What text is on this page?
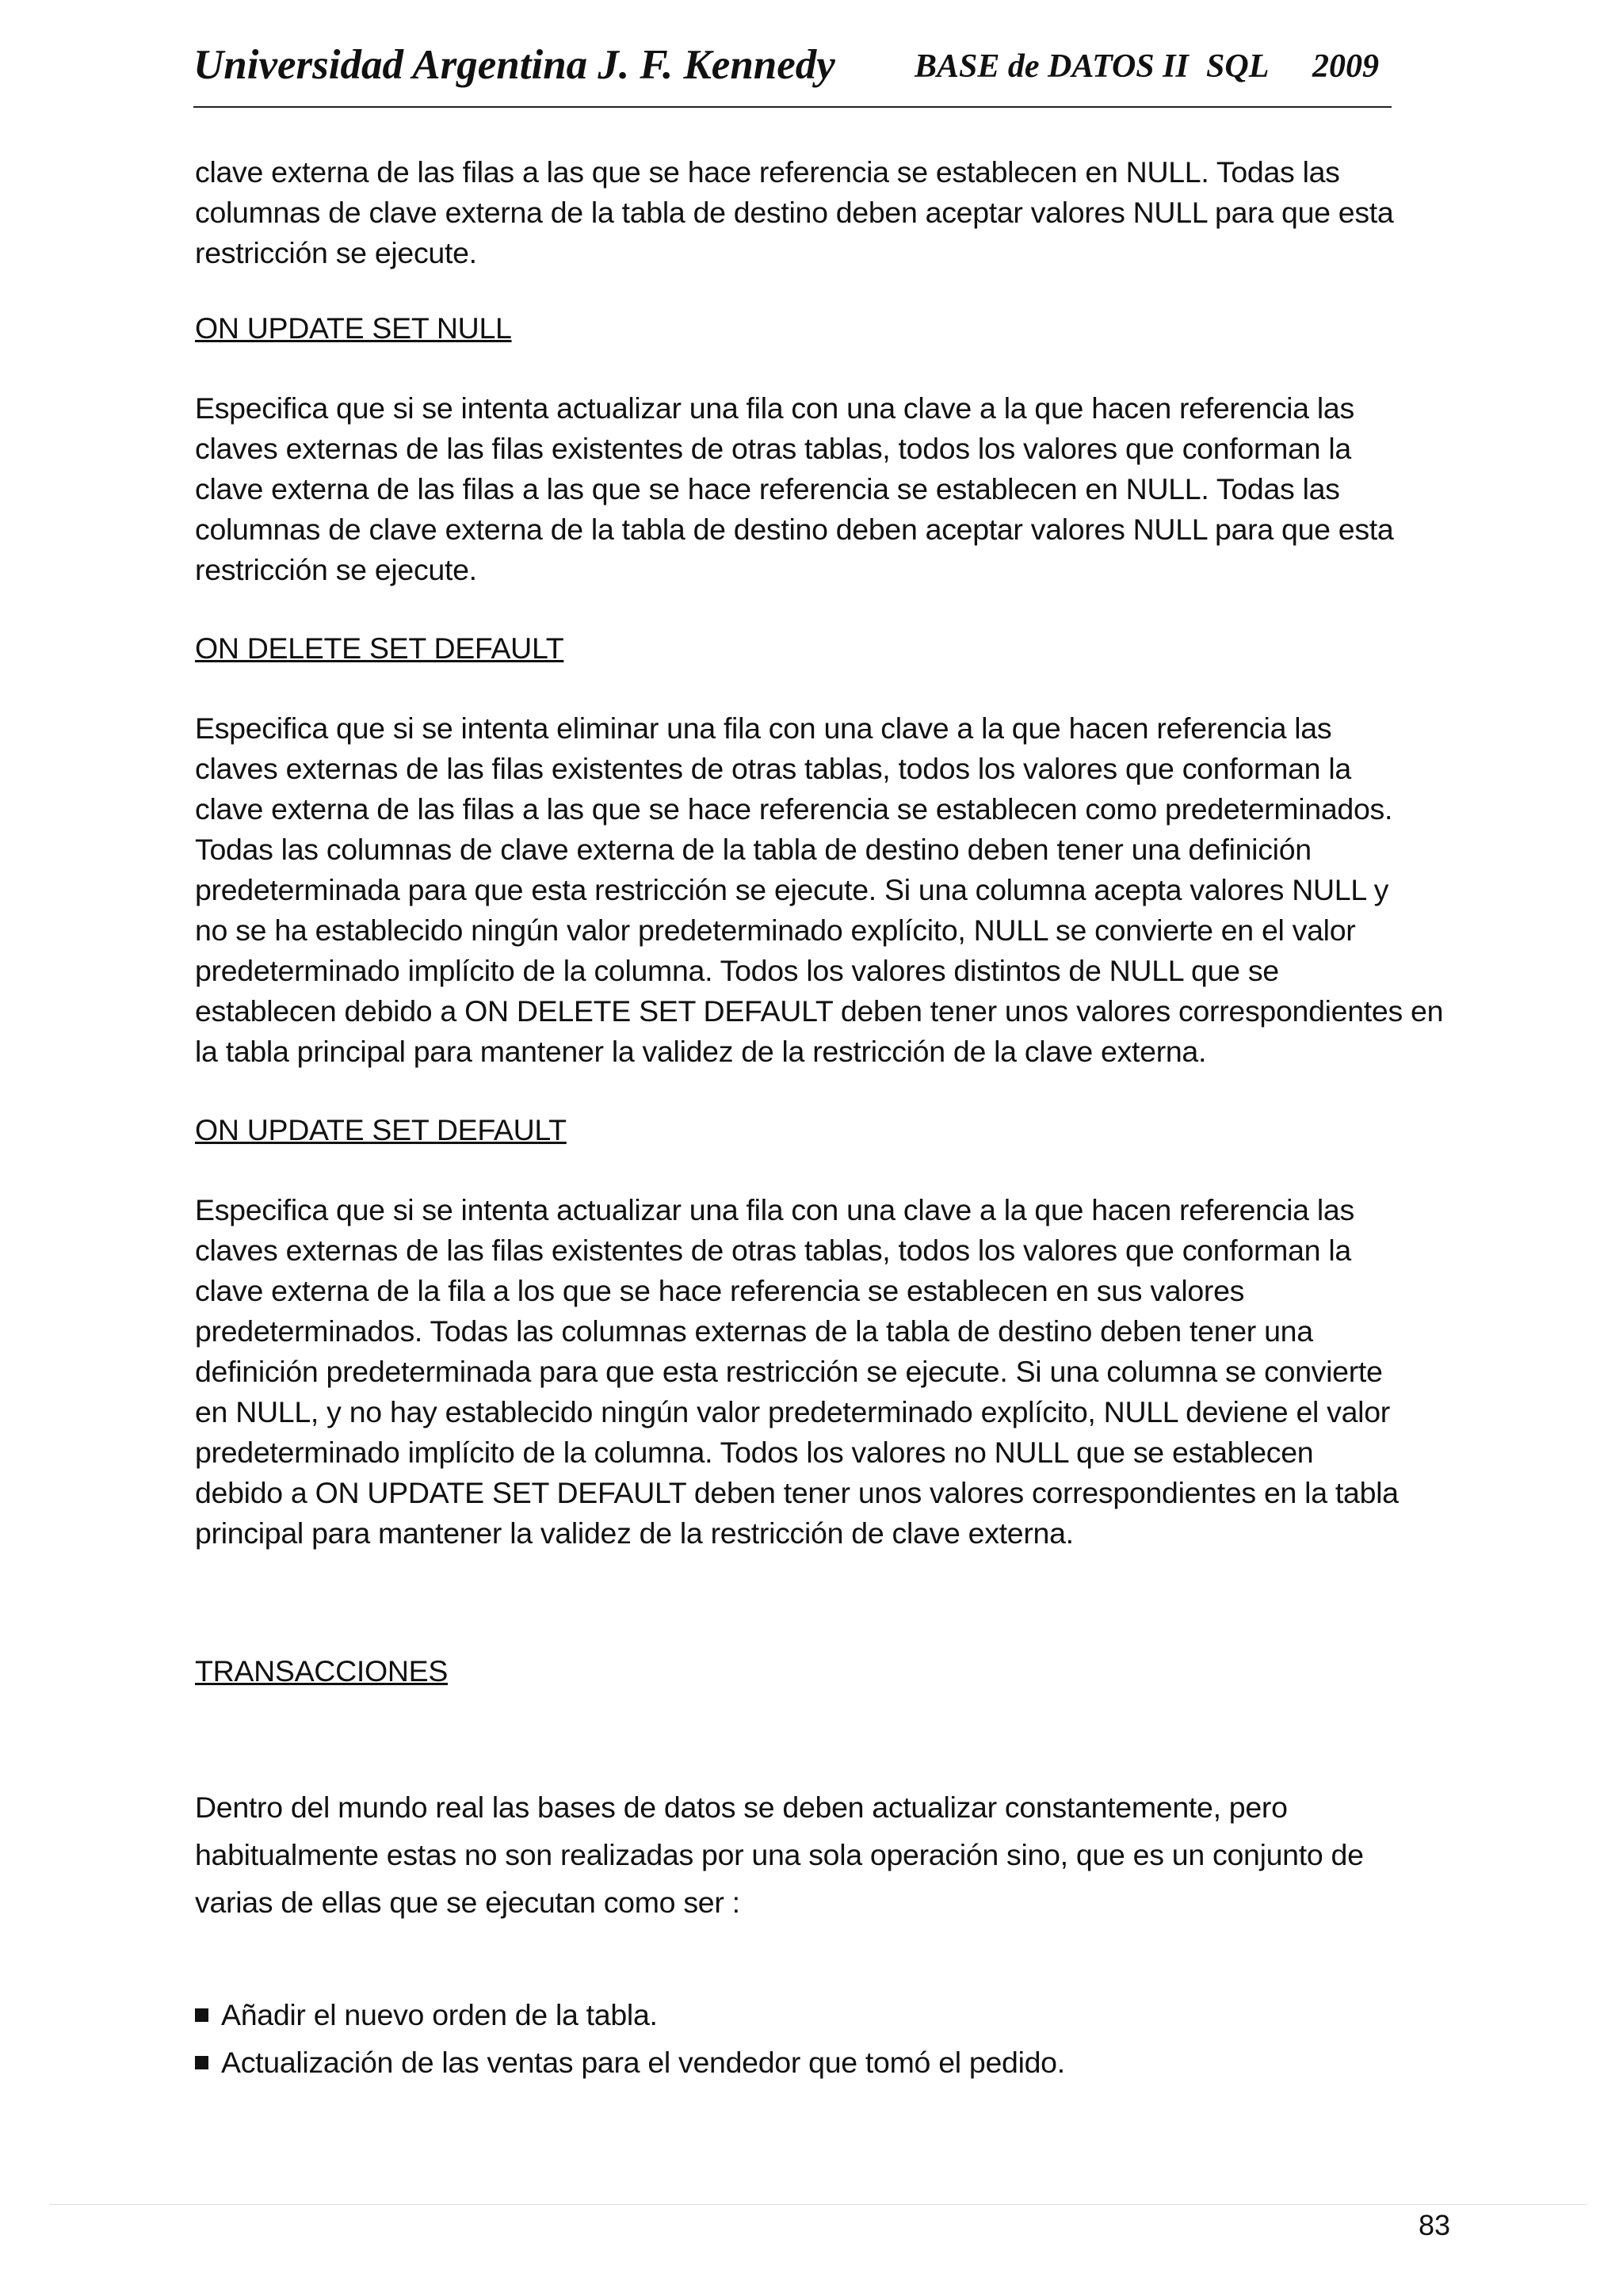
Universidad Argentina J. F. Kennedy BASE de DATOS II SQL 2009

clave externa de las filas a las que se hace referencia se establecen en NULL. Todas las
columnas de clave externa de la tabla de destino deben aceptar valores NULL para que esta
restricción se ejecute.

ON UPDATE SET NULL

Especifica que si se intenta actualizar una fila con una clave a la que hacen referencia las
claves externas de las filas existentes de otras tablas, todos los valores que conforman la
clave externa de las filas a las que se hace referencia se establecen en NULL. Todas las
columnas de clave externa de la tabla de destino deben aceptar valores NULL para que esta
restricción se ejecute.

ON DELETE SET DEFAULT

Especifica que si se intenta eliminar una fila con una clave a la que hacen referencia las
claves externas de las filas existentes de otras tablas, todos los valores que conforman la
clave externa de las filas a las que se hace referencia se establecen como predeterminados.
Todas las columnas de clave externa de la tabla de destino deben tener una definición
predeterminada para que esta restricción se ejecute. Si una columna acepta valores NULL y
no se ha establecido ningún valor predeterminado explícito, NULL se convierte en el valor
predeterminado implícito de la columna. Todos los valores distintos de NULL que se
establecen debido a ON DELETE SET DEFAULT deben tener unos valores correspondientes en
la tabla principal para mantener la validez de la restricción de la clave externa.

ON UPDATE SET DEFAULT

Especifica que si se intenta actualizar una fila con una clave a la que hacen referencia las
claves externas de las filas existentes de otras tablas, todos los valores que conforman la
clave externa de la fila a los que se hace referencia se establecen en sus valores
predeterminados. Todas las columnas externas de la tabla de destino deben tener una
definición predeterminada para que esta restricción se ejecute. Si una columna se convierte
en NULL, y no hay establecido ningún valor predeterminado explícito, NULL deviene el valor
predeterminado implícito de la columna. Todos los valores no NULL que se establecen
debido a ON UPDATE SET DEFAULT deben tener unos valores correspondientes en la tabla
principal para mantener la validez de la restricción de clave externa.

TRANSACCIONES

Dentro del mundo real las bases de datos se deben actualizar constantemente, pero
habitualmente estas no son realizadas por una sola operación sino, que es un conjunto de
varias de ellas que se ejecutan como ser :

Añadir el nuevo orden de la tabla.
Actualización de las ventas para el vendedor que tomó el pedido.
83
